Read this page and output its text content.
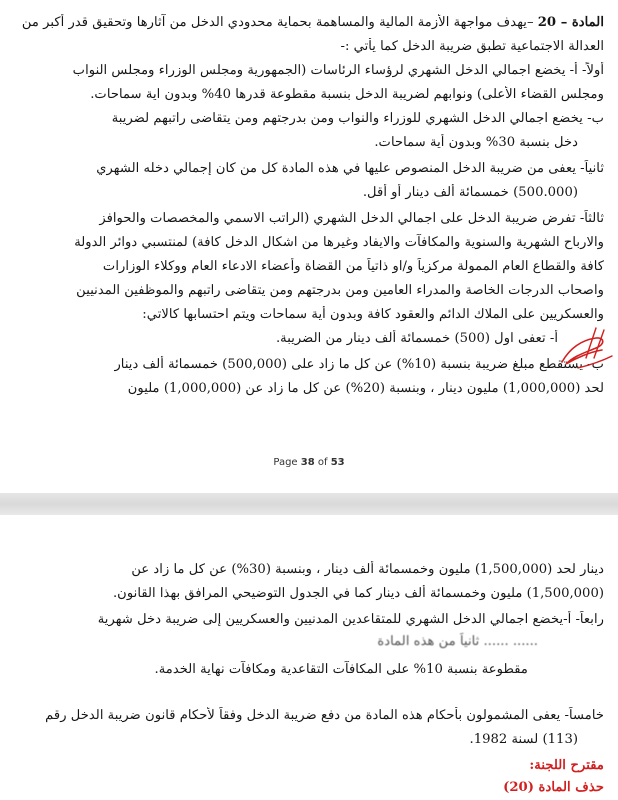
المادة – 20 –يهدف مواجهة الأزمة المالية والمساهمة بحماية محدودي الدخل من آثارها وتحقيق قدر أكبر من
العدالة الاجتماعية تطبق ضريبة الدخل كما يأتي :-
أولاً- أ- يخضع اجمالي الدخل الشهري لرؤساء الرئاسات (الجمهورية ومجلس الوزراء ومجلس النواب
ومجلس القضاء الأعلى) ونوابهم لضريبة الدخل بنسبة مقطوعة قدرها 40% وبدون اية سماحات.
ب- يخضع اجمالي الدخل الشهري للوزراء والنواب ومن بدرجتهم ومن يتقاضى راتبهم لضريبة
دخل بنسبة 30% وبدون أية سماحات.
ثانياً- يعفى من ضريبة الدخل المنصوص عليها في هذه المادة كل من كان إجمالي دخله الشهري
(500.000) خمسمائة ألف دينار أو أقل.
ثالثاً- تفرض ضريبة الدخل على اجمالي الدخل الشهري (الراتب الاسمي والمخصصات والحوافز
والارباح الشهرية والسنوية والمكافآت والايفاد وغيرها من اشكال الدخل كافة) لمنتسبي دوائر الدولة
كافة والقطاع العام الممولة مركزياً و/او ذاتياً من القضاة وأعضاء الادعاء العام ووكلاء الوزارات
واصحاب الدرجات الخاصة والمدراء العامين ومن بدرجتهم ومن يتقاضى راتبهم والموظفين المدنيين
والعسكريين على الملاك الدائم والعقود كافة وبدون أية سماحات ويتم احتسابها كالاتي:
أ- تعفى اول (500) خمسمائة ألف دينار من الضريبة.
ب- يستقطع مبلغ ضريبة بنسبة (10%) عن كل ما زاد على (500,000) خمسمائة ألف دينار
لحد (1,000,000) مليون دينار ، وبنسبة (20%) عن كل ما زاد عن (1,000,000) مليون
Page 38 of 53
دينار لحد (1,500,000) مليون وخمسمائة ألف دينار ، وبنسبة (30%) عن كل ما زاد عن
(1,500,000) مليون وخمسمائة ألف دينار كما في الجدول التوضيحي المرافق بهذا القانون.
رابعاً- أ-يخضع اجمالي الدخل الشهري للمتقاعدين المدنيين والعسكريين إلى ضريبة دخل شهرية
...... ...... ثانياً من هذه المادة
مقطوعة بنسبة 10% على المكافآت التقاعدية ومكافآت نهاية الخدمة.
خامساً- يعفى المشمولون بأحكام هذه المادة من دفع ضريبة الدخل وفقاً لأحكام قانون ضريبة الدخل رقم
(113) لسنة 1982.
مقترح اللجنة:
حذف المادة (20)
